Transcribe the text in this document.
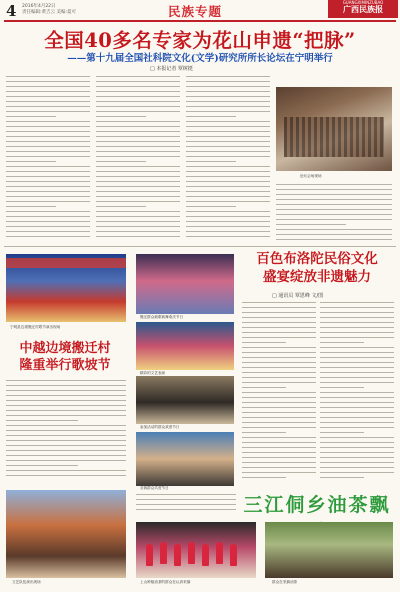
4 2016年4月22日
责任编辑:黄吉云 美编:夏可	民族专题
GUANGXIMINZUBAO
广西民族报
全国40多名专家为花山申遗“把脉”
——第十九届全国社科院文化(文学)研究所所长论坛在宁明举行
□ 本报记者 覃树挺
论坛会场现场
宁明县边境搬迁村歌节演出现场
中越边境搬迁村
隆重举行歌坡节
搬迁群众载歌载舞欢庆节日
精彩的文艺表演
参加活动的群众欢度节日
各族群众共度节日
百色布洛陀民俗文化
盛宴绽放非遗魅力
□ 通讯员 覃恩峰 文/图
三江侗乡油茶飘
文艺队伍演出现场	上山种植油茶的群众在认真采摘	群众在采摘油茶
